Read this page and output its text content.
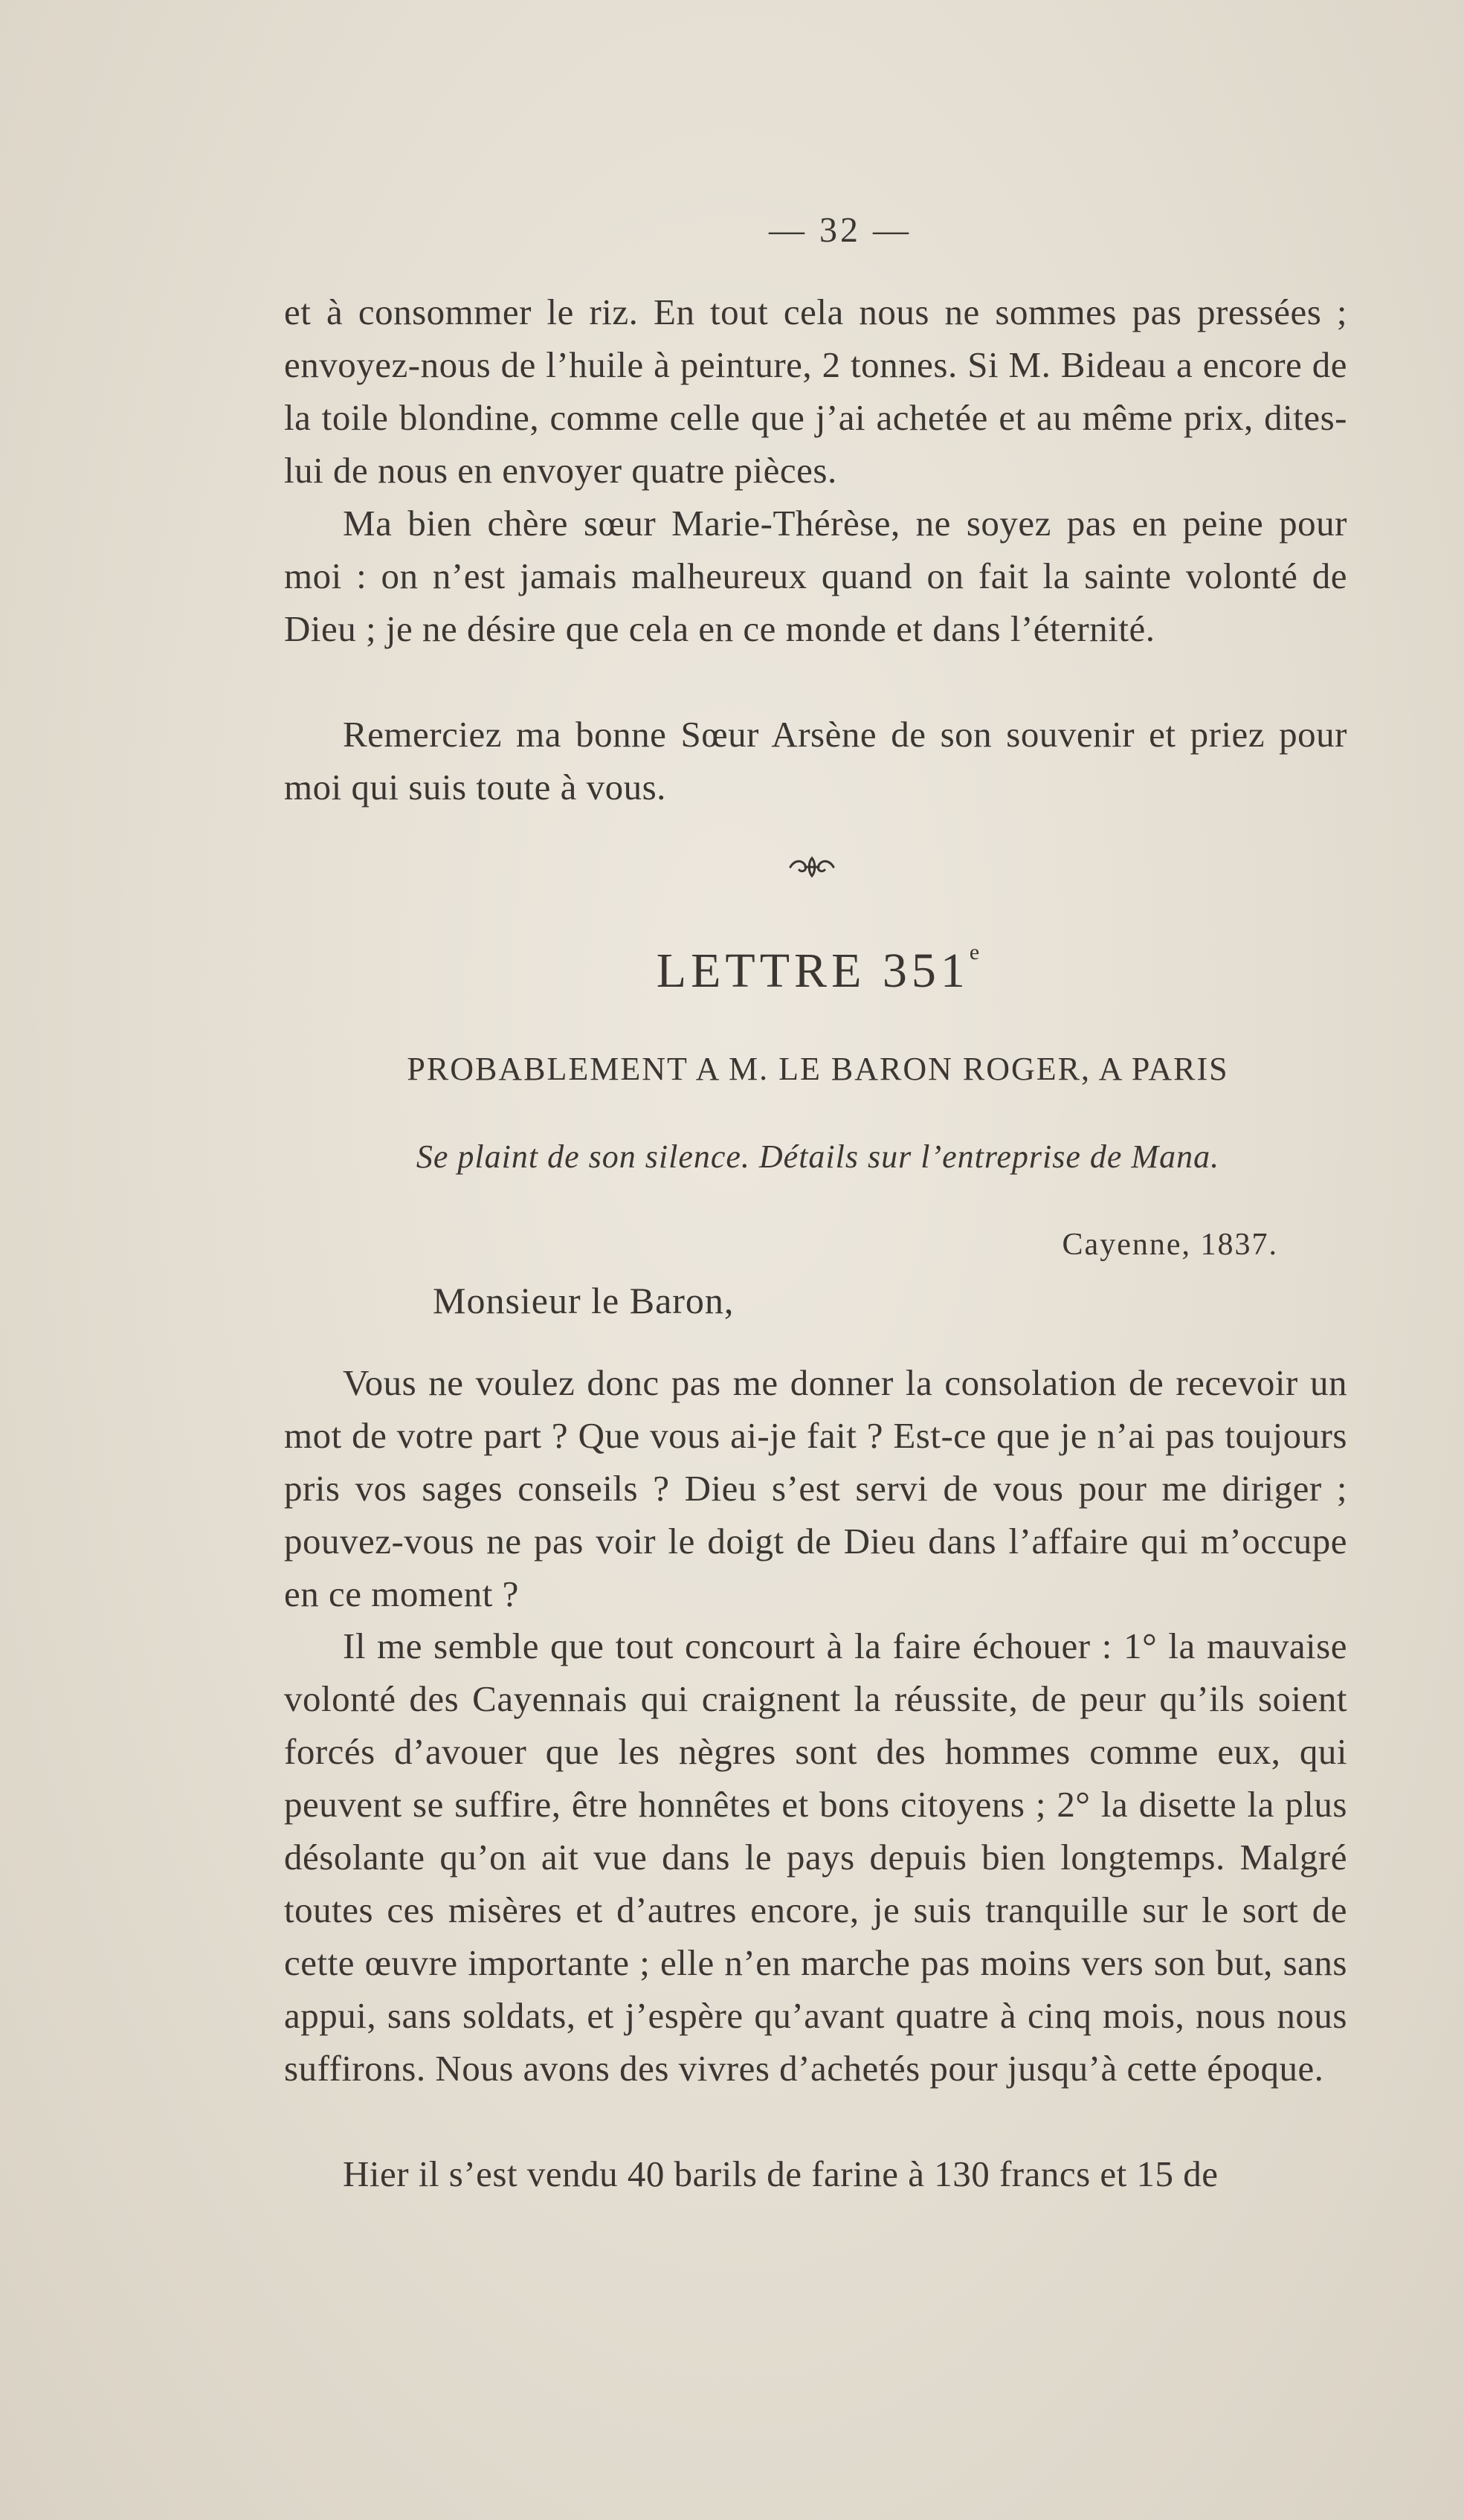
— 32 —

et à consommer le riz. En tout cela nous ne sommes pas pressées ; envoyez-nous de l’huile à peinture, 2 tonnes. Si M. Bideau a encore de la toile blondine, comme celle que j’ai achetée et au même prix, dites-lui de nous en envoyer quatre pièces.

Ma bien chère sœur Marie-Thérèse, ne soyez pas en peine pour moi : on n’est jamais malheureux quand on fait la sainte volonté de Dieu ; je ne désire que cela en ce monde et dans l’éternité.

Remerciez ma bonne Sœur Arsène de son souvenir et priez pour moi qui suis toute à vous.

LETTRE 351e
PROBABLEMENT A M. LE BARON ROGER, A PARIS
Se plaint de son silence. Détails sur l’entreprise de Mana.
Cayenne, 1837.
Monsieur le Baron,

Vous ne voulez donc pas me donner la consolation de recevoir un mot de votre part ? Que vous ai-je fait ? Est-ce que je n’ai pas toujours pris vos sages conseils ? Dieu s’est servi de vous pour me diriger ; pouvez-vous ne pas voir le doigt de Dieu dans l’affaire qui m’occupe en ce moment ?

Il me semble que tout concourt à la faire échouer : 1° la mauvaise volonté des Cayennais qui craignent la réussite, de peur qu’ils soient forcés d’avouer que les nègres sont des hommes comme eux, qui peuvent se suffire, être honnêtes et bons citoyens ; 2° la disette la plus désolante qu’on ait vue dans le pays depuis bien longtemps. Malgré toutes ces misères et d’autres encore, je suis tranquille sur le sort de cette œuvre importante ; elle n’en marche pas moins vers son but, sans appui, sans soldats, et j’espère qu’avant quatre à cinq mois, nous nous suffirons. Nous avons des vivres d’achetés pour jusqu’à cette époque.

Hier il s’est vendu 40 barils de farine à 130 francs et 15 de
